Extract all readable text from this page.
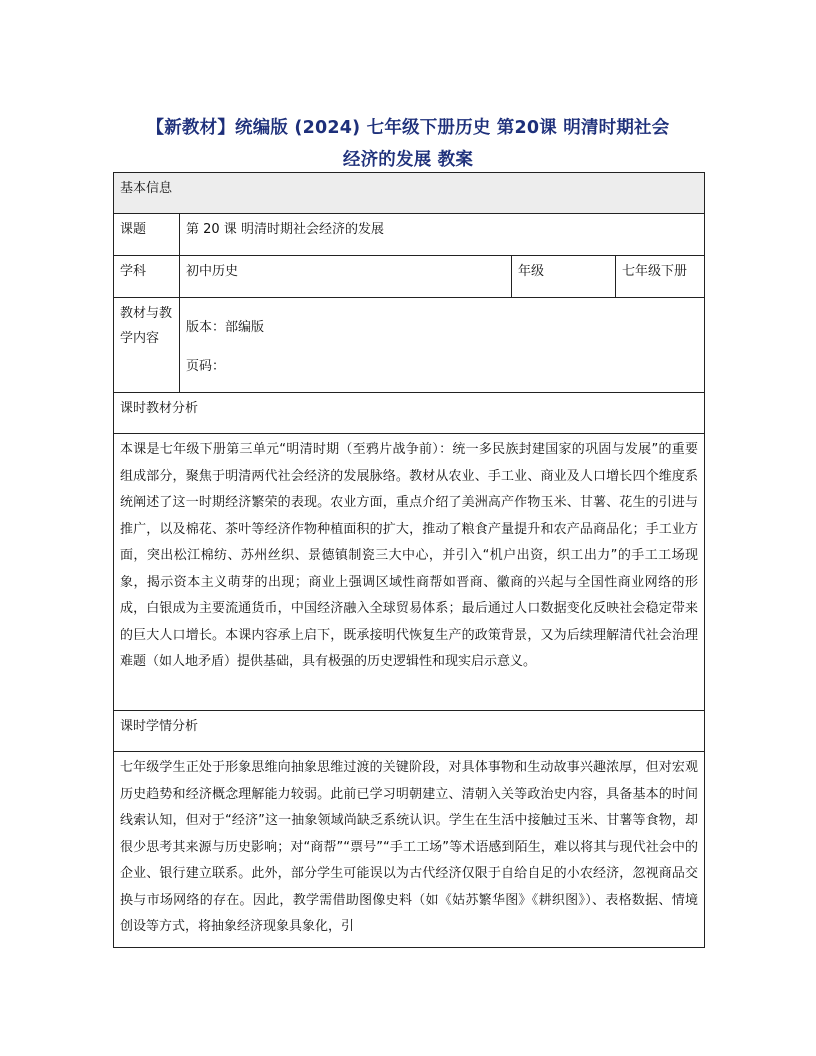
【新教材】统编版 (2024) 七年级下册历史 第20课 明清时期社会
经济的发展 教案
基本信息			
课题	第 20 课 明清时期社会经济的发展		
学科	初中历史	年级	七年级下册
教材与教学内容	版本：部编版
页码：		

课时教材分析			
本课是七年级下册第三单元“明清时期（至鸦片战争前）：统一多民族封建国家的巩固与发展”的重要组成部分，聚焦于明清两代社会经济的发展脉络。教材从农业、手工业、商业及人口增长四个维度系统阐述了这一时期经济繁荣的表现。农业方面，重点介绍了美洲高产作物玉米、甘薯、花生的引进与推广，以及棉花、茶叶等经济作物种植面积的扩大，推动了粮食产量提升和农产品商品化；手工业方面，突出松江棉纺、苏州丝织、景德镇制瓷三大中心，并引入“机户出资，织工出力”的手工工场现象，揭示资本主义萌芽的出现；商业上强调区域性商帮如晋商、徽商的兴起与全国性商业网络的形成，白银成为主要流通货币，中国经济融入全球贸易体系；最后通过人口数据变化反映社会稳定带来的巨大人口增长。本课内容承上启下，既承接明代恢复生产的政策背景，又为后续理解清代社会治理难题（如人地矛盾）提供基础，具有极强的历史逻辑性和现实启示意义。			
课时学情分析			
七年级学生正处于形象思维向抽象思维过渡的关键阶段，对具体事物和生动故事兴趣浓厚，但对宏观历史趋势和经济概念理解能力较弱。此前已学习明朝建立、清朝入关等政治史内容，具备基本的时间线索认知，但对于“经济”这一抽象领域尚缺乏系统认识。学生在生活中接触过玉米、甘薯等食物，却很少思考其来源与历史影响；对“商帮”“票号”“手工工场”等术语感到陌生，难以将其与现代社会中的企业、银行建立联系。此外，部分学生可能误以为古代经济仅限于自给自足的小农经济，忽视商品交换与市场网络的存在。因此，教学需借助图像史料（如《姑苏繁华图》《耕织图》）、表格数据、情境创设等方式，将抽象经济现象具象化，引			
